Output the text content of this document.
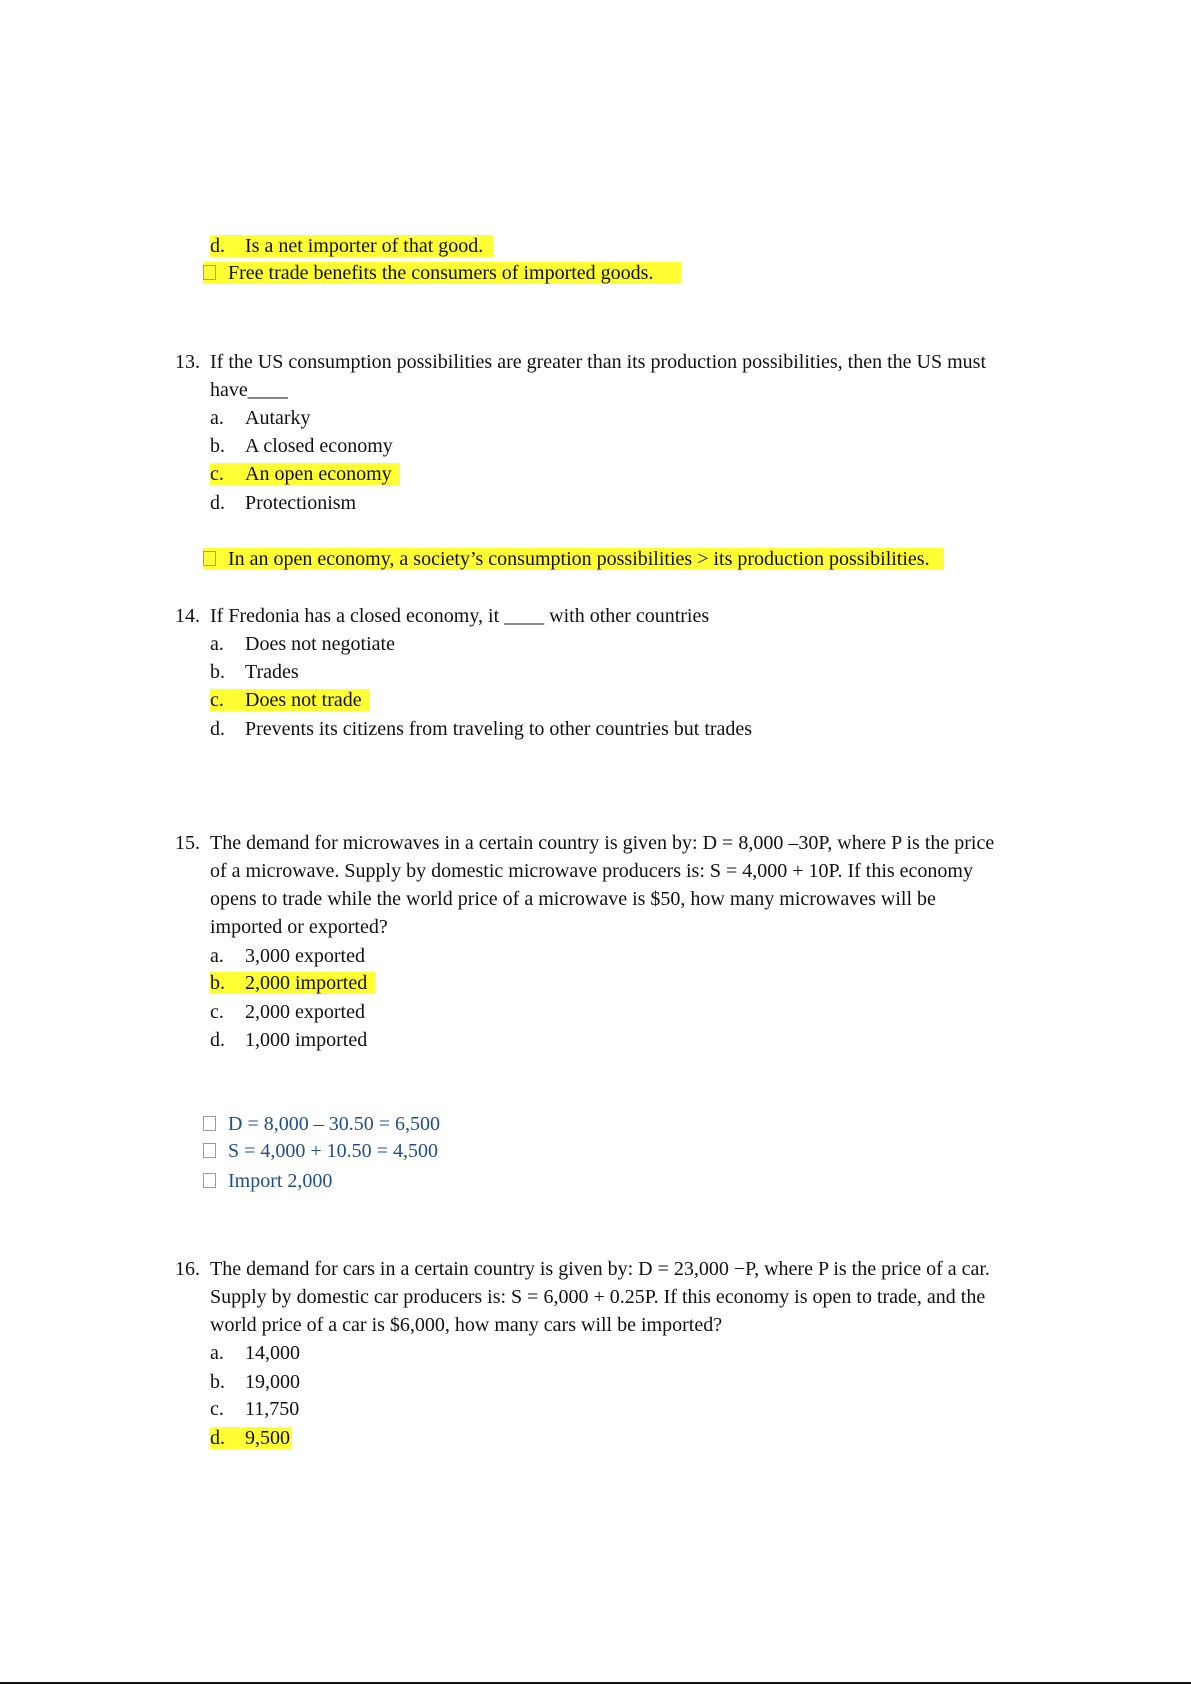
d. Is a net importer of that good.
Free trade benefits the consumers of imported goods.
13. If the US consumption possibilities are greater than its production possibilities, then the US must
have____
a. Autarky
b. A closed economy
c. An open economy
d. Protectionism
In an open economy, a society’s consumption possibilities > its production possibilities.
14. If Fredonia has a closed economy, it ____ with other countries
a. Does not negotiate
b. Trades
c. Does not trade
d. Prevents its citizens from traveling to other countries but trades
15. The demand for microwaves in a certain country is given by: D = 8,000 –30P, where P is the price
of a microwave. Supply by domestic microwave producers is: S = 4,000 + 10P. If this economy
opens to trade while the world price of a microwave is $50, how many microwaves will be
imported or exported?
a. 3,000 exported
b. 2,000 imported
c. 2,000 exported
d. 1,000 imported
D = 8,000 – 30.50 = 6,500
S = 4,000 + 10.50 = 4,500
Import 2,000
16. The demand for cars in a certain country is given by: D = 23,000 −P, where P is the price of a car.
Supply by domestic car producers is: S = 6,000 + 0.25P. If this economy is open to trade, and the
world price of a car is $6,000, how many cars will be imported?
a. 14,000
b. 19,000
c. 11,750
d. 9,500
